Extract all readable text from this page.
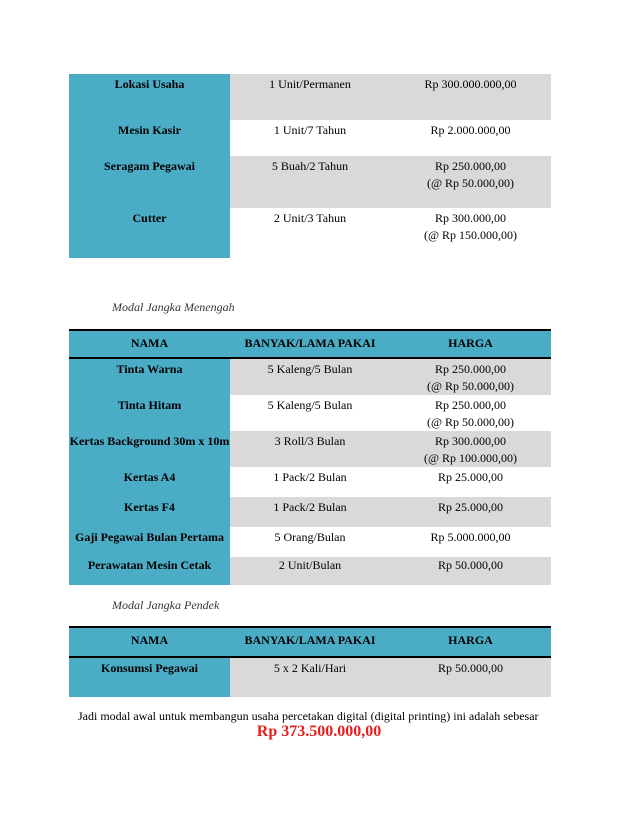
Lokasi Usaha	1 Unit/Permanen	Rp 300.000.000,00

Mesin Kasir	1 Unit/7 Tahun	Rp 2.000.000,00

Seragam Pegawai	5 Buah/2 Tahun	Rp 250.000,00
(@ Rp 50.000,00)

Cutter	2 Unit/3 Tahun	Rp 300.000,00
(@ Rp 150.000,00)
Modal Jangka Menengah
NAMA	BANYAK/LAMA PAKAI	HARGA
Tinta Warna	5 Kaleng/5 Bulan	Rp 250.000,00
(@ Rp 50.000,00)

Tinta Hitam	5 Kaleng/5 Bulan	Rp 250.000,00
(@ Rp 50.000,00)

Kertas Background 30m x 10m	3 Roll/3 Bulan	Rp 300.000,00
(@ Rp 100.000,00)

Kertas A4	1 Pack/2 Bulan	Rp 25.000,00

Kertas F4	1 Pack/2 Bulan	Rp 25.000,00

Gaji Pegawai Bulan Pertama	5 Orang/Bulan	Rp 5.000.000,00

Perawatan Mesin Cetak	2 Unit/Bulan	Rp 50.000,00
Modal Jangka Pendek
NAMA	BANYAK/LAMA PAKAI	HARGA
Konsumsi Pegawai	5 x 2 Kali/Hari	Rp 50.000,00
Jadi modal awal untuk membangun usaha percetakan digital (digital printing) ini adalah sebesar
Rp 373.500.000,00
